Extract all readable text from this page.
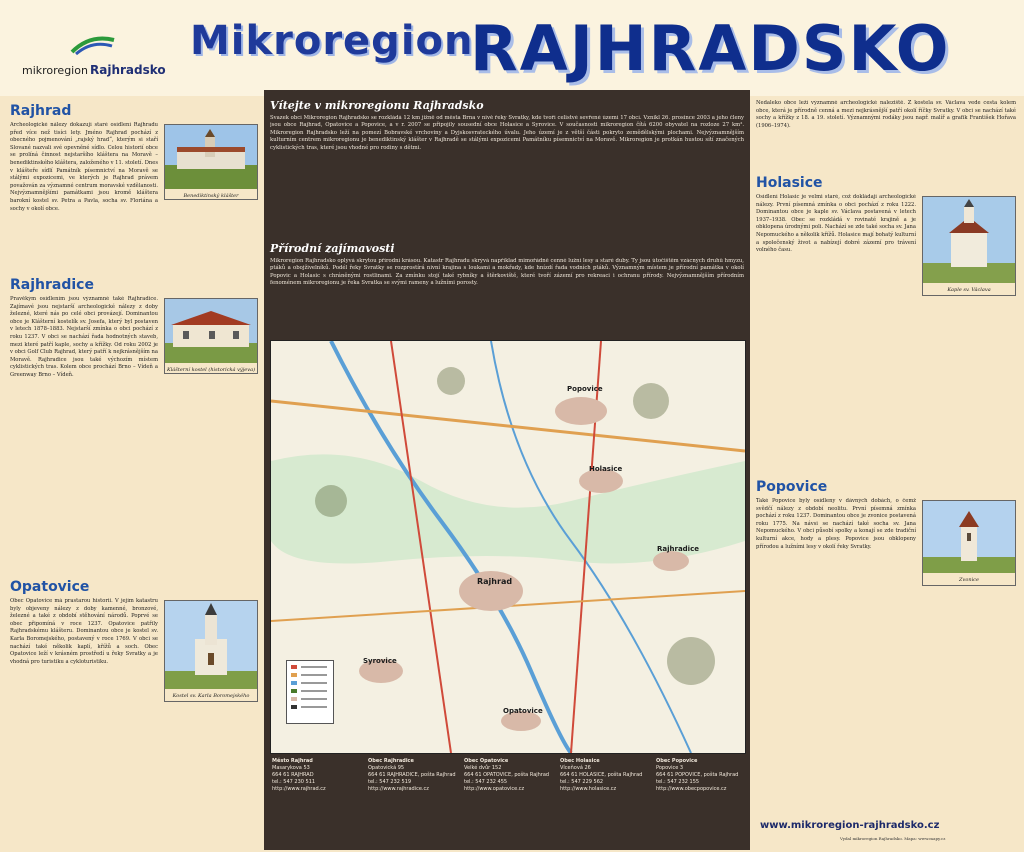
mikroregion Rajhradsko
Mikroregion
RAJHRADSKO
Rajhrad
Benediktinský klášter

Archeologické nálezy dokazují staré osídlení Rajhradu před více než tisíci lety. Jméno Rajhrad pochází z obecného pojmenování „rajský hrad“, kterým si staří Slované nazvali své opevněné sídlo. Celou historií obce se prolíná činnost nejstaršího kláštera na Moravě – benediktinského kláštera, založeného v 11. století. Dnes v klášteře sídlí Památník písemnictví na Moravě se stálými expozicemi, ve kterých je Rajhrad právem považován za významné centrum moravské vzdělanosti. Nejvýznamnějšími památkami jsou kromě kláštera barokní kostel sv. Petra a Pavla, socha sv. Floriána a sochy v okolí obce.

Rajhradice
Klášterní kostel (historická výjeva)

Pravěkým osídlením jsou významné také Rajhradice. Zajímavé jsou nejstarší archeologické nálezy z doby železné, které nás po celé obci provázejí. Dominantou obce je Klášterní kostelík sv. Josefa, který byl postaven v letech 1878–1883. Nejstarší zmínka o obci pochází z roku 1237. V obci se nachází řada hodnotných staveb, mezi které patří kaple, sochy a křížky. Od roku 2002 je v obci Golf Club Rajhrad, který patří k nejkrásnějším na Moravě. Rajhradice jsou také výchozím místem cyklistických tras. Kolem obce prochází Brno – Vídeň a Greenway Brno – Vídeň.

Opatovice
Kostel sv. Karla Boromejského

Obec Opatovice má prastarou historii. V jejím katastru byly objeveny nálezy z doby kamenné, bronzové, železné a také z období stěhování národů. Poprvé se obec připomíná v roce 1237. Opatovice patřily Rajhradskému klášteru. Dominantou obce je kostel sv. Karla Boromejského, postavený v roce 1769. V obci se nachází také několik kaplí, křížů a soch. Obec Opatovice leží v krásném prostředí u řeky Svratky a je vhodná pro turistiku a cykloturistiku.

Vítejte v mikroregionu Rajhradsko

Svazek obcí Mikroregion Rajhradsko se rozkládá 12 km jižně od města Brna v nivě řeky Svratky, kde tvoří celistvé sevřené území 17 obcí. Vznikl 26. prosince 2003 a jeho členy jsou obce Rajhrad, Opatovice a Popovice, a v r. 2007 se připojily sousední obce Holasice a Syrovice. V současnosti mikroregion čítá 6200 obyvatel na rozloze 27 km². Mikroregion Rajhradsko leží na pomezí Bobravské vrchoviny a Dyjskosvrateckého úvalu. Jeho území je z větší části pokryto zemědělskými plochami. Nejvýznamnějším kulturním centrem mikroregionu je benediktinský klášter v Rajhradě se stálými expozicemi Památníku písemnictví na Moravě. Mikroregion je protkán hustou sítí značených cyklistických tras, které jsou vhodné pro rodiny s dětmi.

Přírodní zajímavosti

Mikroregion Rajhradsko oplývá skrytou přírodní krásou. Katastr Rajhradu skrývá například mimořádně cenné lužní lesy a staré duby. Ty jsou útočištěm vzácných druhů hmyzu, ptáků a obojživelníků. Podél řeky Svratky se rozprostírá nivní krajina s loukami a mokřady, kde hnízdí řada vodních ptáků. Významným místem je přírodní památka v okolí Popovic a Holasic s chráněnými rostlinami. Za zmínku stojí také rybníky a štěrkoviště, které tvoří zázemí pro rekreaci i ochranu přírody. Nejvýznamnějším přírodním fenoménem mikroregionu je řeka Svratka se svými rameny a lužními porosty.

Popovice
Holasice
Rajhrad
Rajhradice
Opatovice
Syrovice
Město Rajhrad
Masarykova 53
664 61 RAJHRAD
tel.: 547 230 511
http://www.rajhrad.cz
Obec Rajhradice
Opatovická 95
664 61 RAJHRADICE, pošta Rajhrad
tel.: 547 232 519
http://www.rajhradice.cz
Obec Opatovice
Velké dvůr 152
664 61 OPATOVICE, pošta Rajhrad
tel.: 547 232 455
http://www.opatovice.cz
Obec Holasice
Víceňová 26
664 61 HOLASICE, pošta Rajhrad
tel.: 547 229 562
http://www.holasice.cz
Obec Popovice
Popovice 3
664 61 POPOVICE, pošta Rajhrad
tel.: 547 232 155
http://www.obecpopovice.cz

Nedaleko obce leží významné archeologické naleziště. Z kostela sv. Václava vede cesta kolem obce, která je přírodně cenná a mezi nejkrásnější patří okolí říčky Svratky. V obci se nachází také sochy a křížky z 18. a 19. století. Významnými rodáky jsou např. malíř a grafik František Hořava (1906–1974).

Holasice
Kaple sv. Václava

Osídlení Holasic je velmi staré, což dokládají archeologické nálezy. První písemná zmínka o obci pochází z roku 1222. Dominantou obce je kaple sv. Václava postavená v letech 1937–1938. Obec se rozkládá v rovinaté krajině a je obklopena úrodnými poli. Nachází se zde také socha sv. Jana Nepomuckého a několik křížů. Holasice mají bohatý kulturní a společenský život a nabízejí dobré zázemí pro trávení volného času.

Popovice
Zvonice

Také Popovice byly osídleny v dávných dobách, o čemž svědčí nálezy z období neolitu. První písemná zmínka pochází z roku 1237. Dominantou obce je zvonice postavená roku 1775. Na návsi se nachází také socha sv. Jana Nepomuckého. V obci působí spolky a konají se zde tradiční kulturní akce, hody a plesy. Popovice jsou obklopeny přírodou a lužními lesy v okolí řeky Svratky.

www.mikroregion-rajhradsko.cz
Vydal mikroregion Rajhradsko. Mapa: www.mapy.cz
